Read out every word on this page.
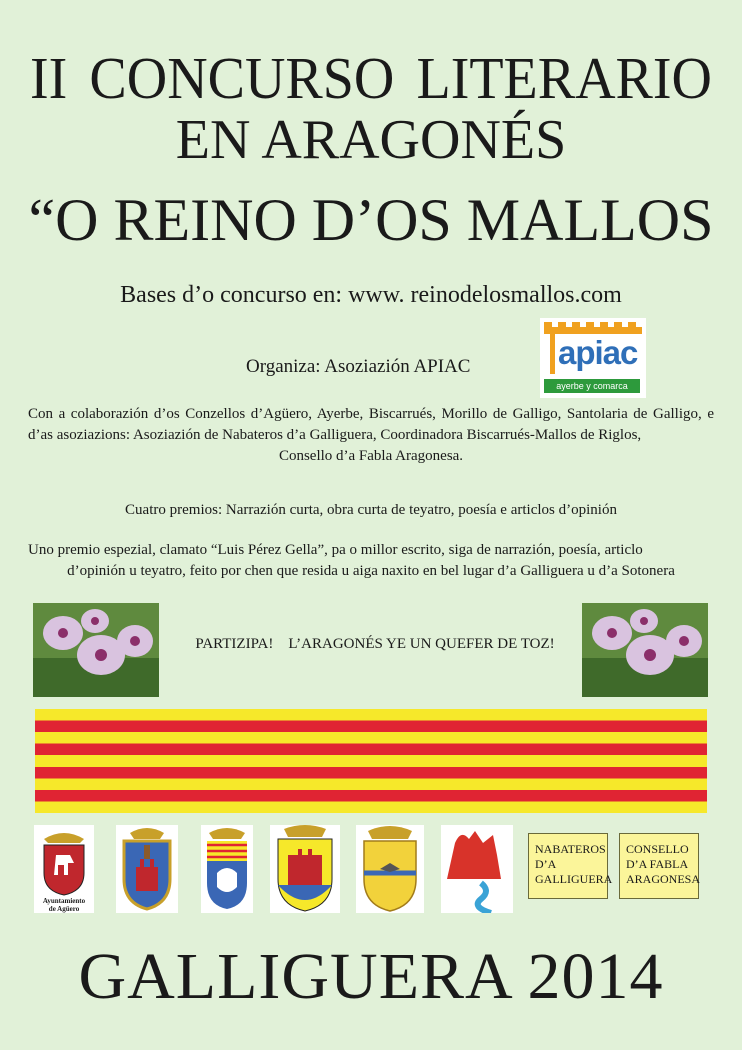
II CONCURSO LITERARIO
EN ARAGONÉS
“O REINO D’OS MALLOS
Bases d’o concurso en: www. reinodelosmallos.com
Organiza: Asoziazión APIAC	apiac
ayerbe y comarca
Con a colaborazión d’os Conzellos d’Agüero, Ayerbe, Biscarrués, Morillo de Galligo, Santolaria de Galligo, e d’as asoziazions: Asoziazión de Nabateros d’a Galliguera, Coordinadora Biscarrués-Mallos de Riglos,
Consello d’a Fabla Aragonesa.
Cuatro premios: Narrazión curta, obra curta de teyatro, poesía e articlos d’opinión
Uno premio espezial, clamato “Luis Pérez Gella”, pa o millor escrito, siga de narrazión, poesía, articlo
d’opinión u teyatro, feito por chen que resida u aiga naxito en bel lugar d’a Galliguera u d’a Sotonera
PARTIZIPA!    L’ARAGONÉS YE UN QUEFER DE TOZ!
Ayuntamiento
de Agüero
NABATEROS
D’A
GALLIGUERA
CONSELLO
D’A FABLA
ARAGONESA
GALLIGUERA 2014
